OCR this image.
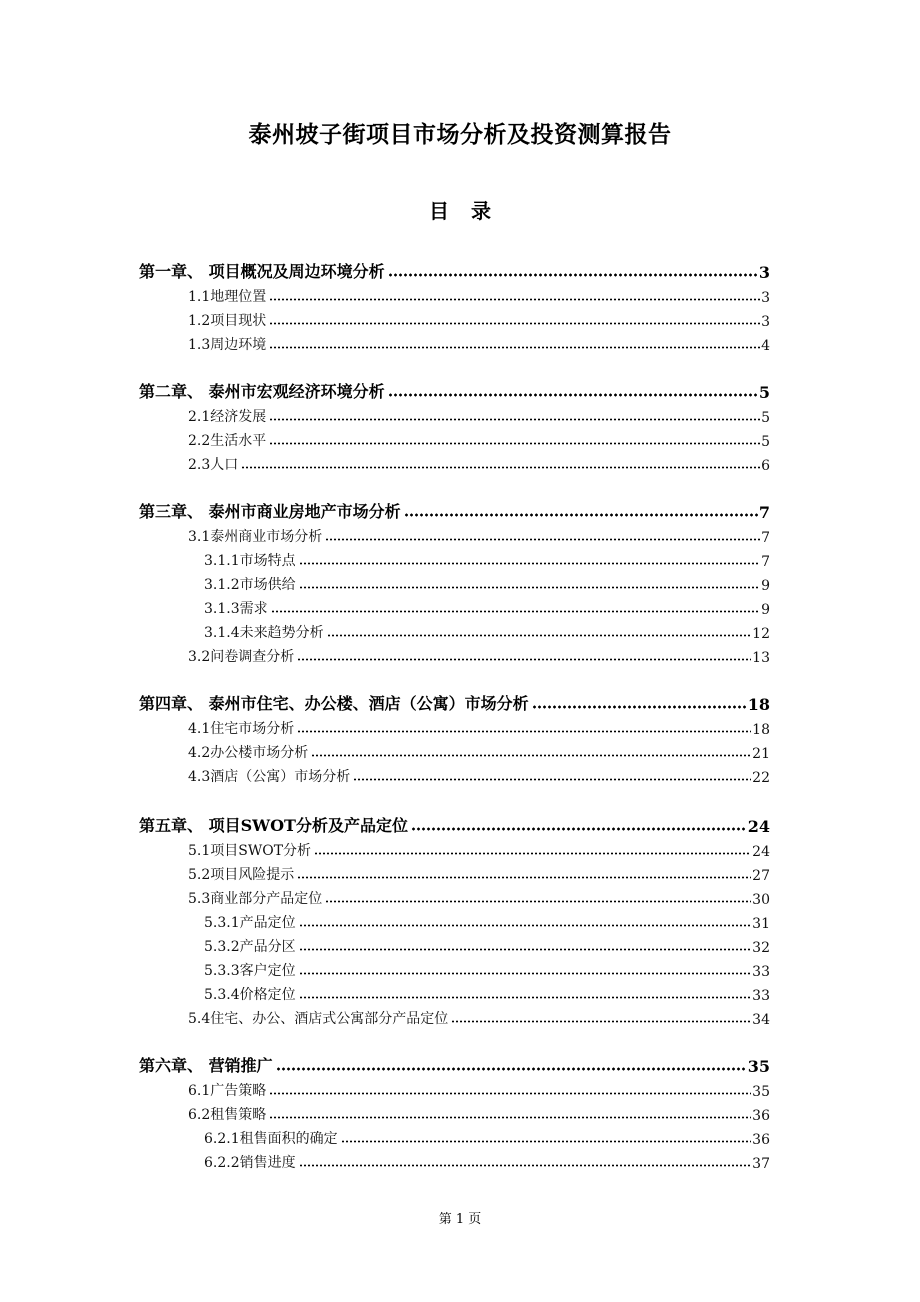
泰州坡子街项目市场分析及投资测算报告
目录
第一章、 项目概况及周边环境分析	3
1.1地理位置	3
1.2项目现状	3
1.3周边环境	4
第二章、 泰州市宏观经济环境分析	5
2.1经济发展	5
2.2生活水平	5
2.3人口	6
第三章、 泰州市商业房地产市场分析	7
3.1泰州商业市场分析	7
3.1.1市场特点	7
3.1.2市场供给	9
3.1.3需求	9
3.1.4未来趋势分析	12
3.2问卷调查分析	13
第四章、 泰州市住宅、办公楼、酒店（公寓）市场分析	18
4.1住宅市场分析	18
4.2办公楼市场分析	21
4.3酒店（公寓）市场分析	22
第五章、 项目SWOT分析及产品定位	24
5.1项目SWOT分析	24
5.2项目风险提示	27
5.3商业部分产品定位	30
5.3.1产品定位	31
5.3.2产品分区	32
5.3.3客户定位	33
5.3.4价格定位	33
5.4住宅、办公、酒店式公寓部分产品定位	34
第六章、 营销推广	35
6.1广告策略	35
6.2租售策略	36
6.2.1租售面积的确定	36
6.2.2销售进度	37
第 1 页
